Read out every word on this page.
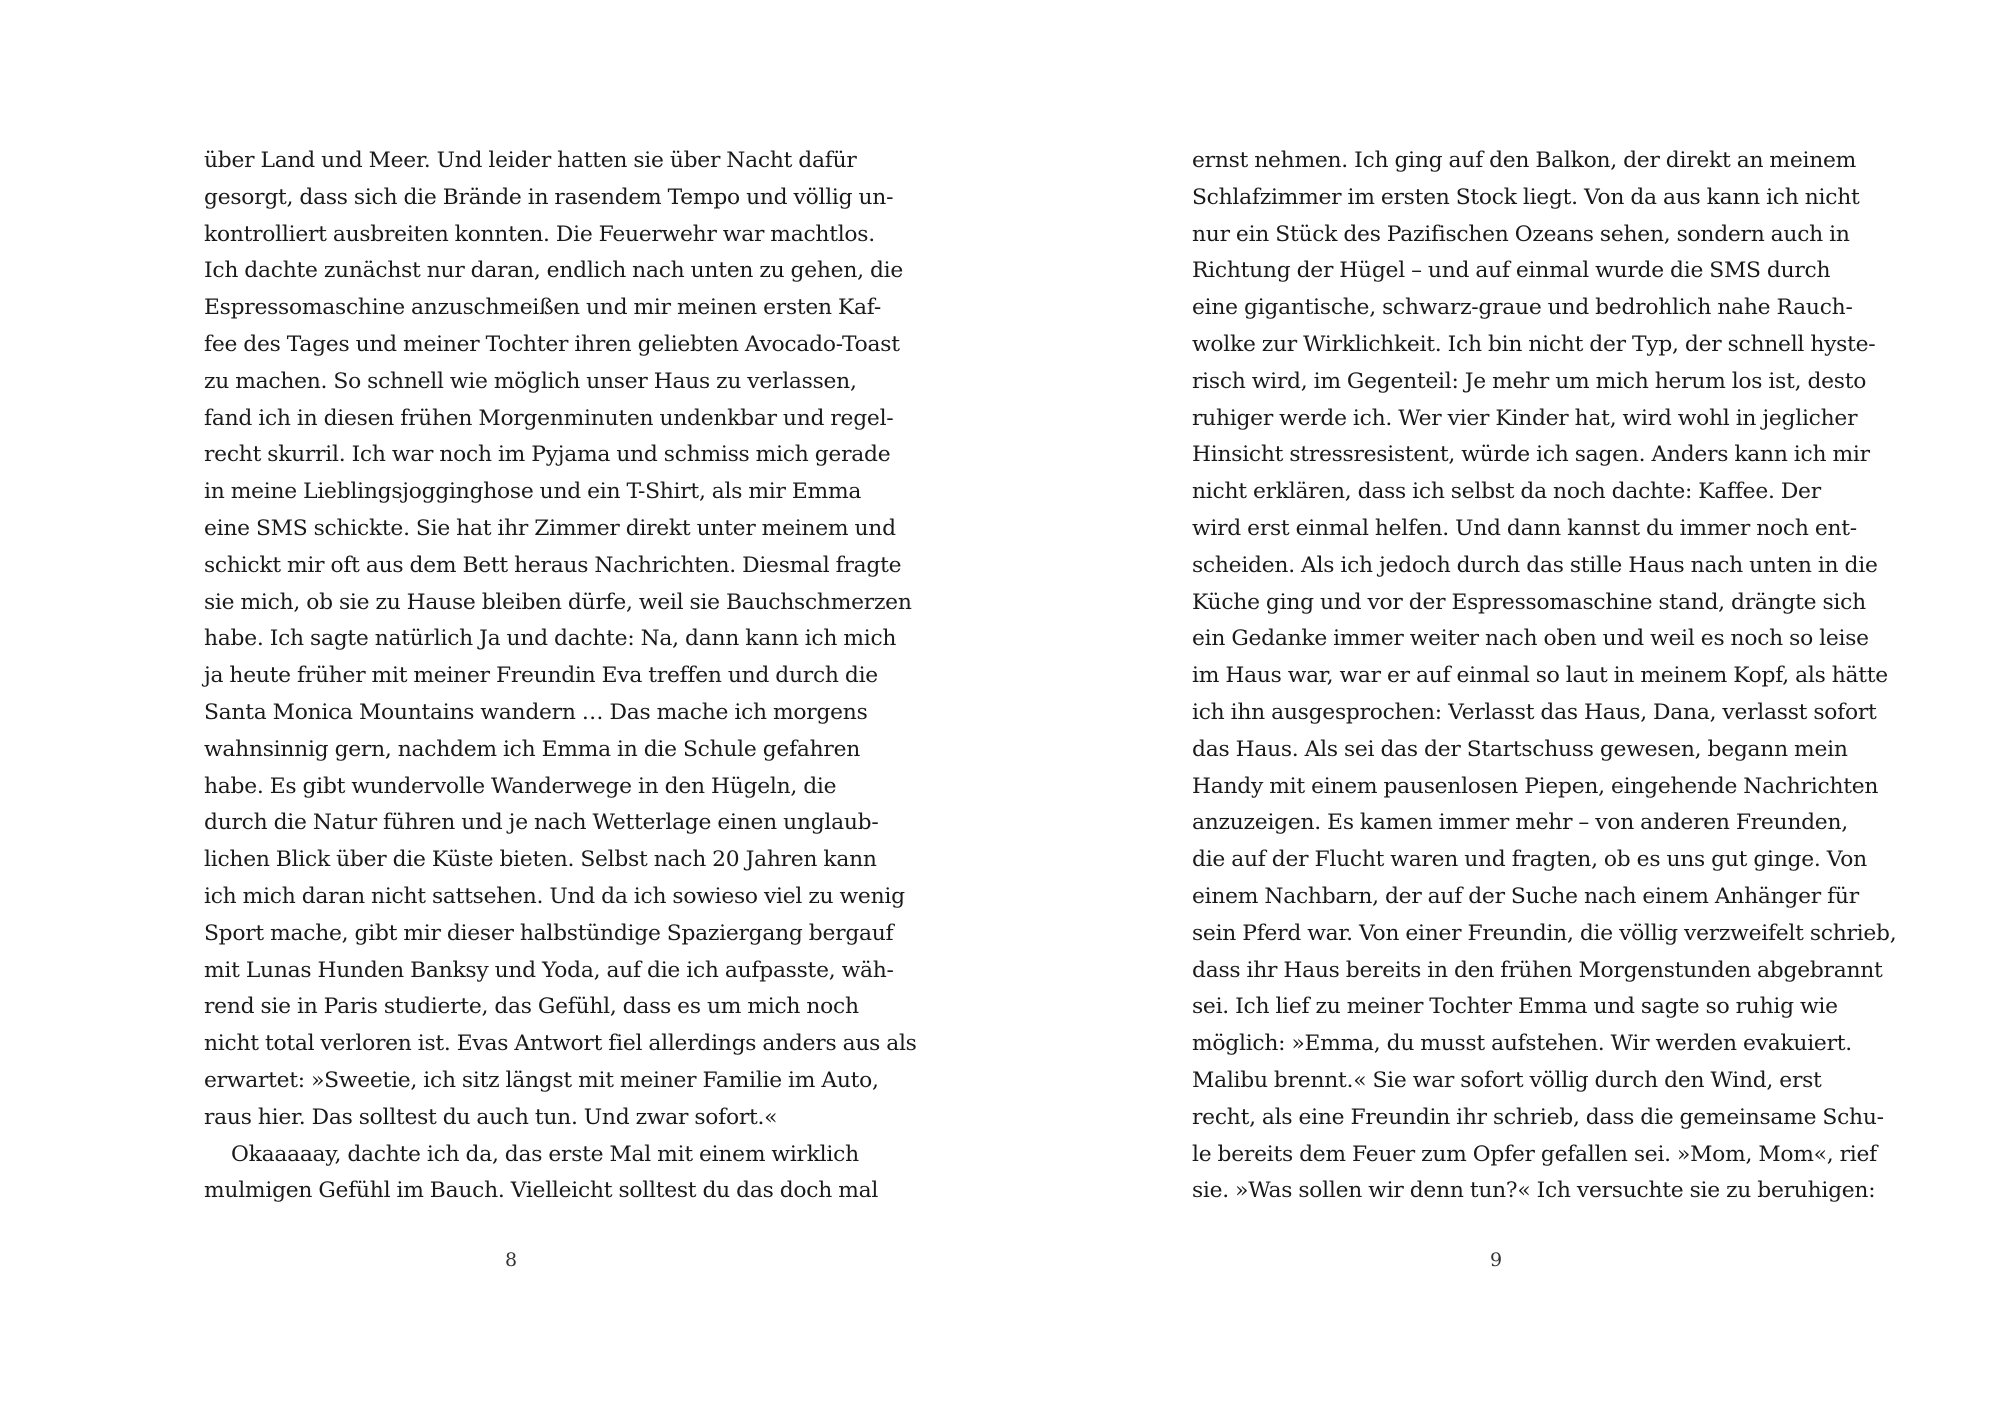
über Land und Meer. Und leider hatten sie über Nacht dafür
gesorgt, dass sich die Brände in rasendem Tempo und völlig un-
kontrolliert ausbreiten konnten. Die Feuerwehr war machtlos.
Ich dachte zunächst nur daran, endlich nach unten zu gehen, die
Espressomaschine anzuschmeißen und mir meinen ersten Kaf-
fee des Tages und meiner Tochter ihren geliebten Avocado-Toast
zu machen. So schnell wie möglich unser Haus zu verlassen,
fand ich in diesen frühen Morgenminuten undenkbar und regel-
recht skurril. Ich war noch im Pyjama und schmiss mich gerade
in meine Lieblingsjogginghose und ein T-Shirt, als mir Emma
eine SMS schickte. Sie hat ihr Zimmer direkt unter meinem und
schickt mir oft aus dem Bett heraus Nachrichten. Diesmal fragte
sie mich, ob sie zu Hause bleiben dürfe, weil sie Bauchschmerzen
habe. Ich sagte natürlich Ja und dachte: Na, dann kann ich mich
ja heute früher mit meiner Freundin Eva treffen und durch die
Santa Monica Mountains wandern … Das mache ich morgens
wahnsinnig gern, nachdem ich Emma in die Schule gefahren
habe. Es gibt wundervolle Wanderwege in den Hügeln, die
durch die Natur führen und je nach Wetterlage einen unglaub-
lichen Blick über die Küste bieten. Selbst nach 20 Jahren kann
ich mich daran nicht sattsehen. Und da ich sowieso viel zu wenig
Sport mache, gibt mir dieser halbstündige Spaziergang bergauf
mit Lunas Hunden Banksy und Yoda, auf die ich aufpasste, wäh-
rend sie in Paris studierte, das Gefühl, dass es um mich noch
nicht total verloren ist. Evas Antwort fiel allerdings anders aus als
erwartet: »Sweetie, ich sitz längst mit meiner Familie im Auto,
raus hier. Das solltest du auch tun. Und zwar sofort.«
Okaaaaay, dachte ich da, das erste Mal mit einem wirklich
mulmigen Gefühl im Bauch. Vielleicht solltest du das doch mal
8
ernst nehmen. Ich ging auf den Balkon, der direkt an meinem
Schlafzimmer im ersten Stock liegt. Von da aus kann ich nicht
nur ein Stück des Pazifischen Ozeans sehen, sondern auch in
Richtung der Hügel – und auf einmal wurde die SMS durch
eine gigantische, schwarz-graue und bedrohlich nahe Rauch-
wolke zur Wirklichkeit. Ich bin nicht der Typ, der schnell hyste-
risch wird, im Gegenteil: Je mehr um mich herum los ist, desto
ruhiger werde ich. Wer vier Kinder hat, wird wohl in jeglicher
Hinsicht stressresistent, würde ich sagen. Anders kann ich mir
nicht erklären, dass ich selbst da noch dachte: Kaffee. Der
wird erst einmal helfen. Und dann kannst du immer noch ent-
scheiden. Als ich jedoch durch das stille Haus nach unten in die
Küche ging und vor der Espressomaschine stand, drängte sich
ein Gedanke immer weiter nach oben und weil es noch so leise
im Haus war, war er auf einmal so laut in meinem Kopf, als hätte
ich ihn ausgesprochen: Verlasst das Haus, Dana, verlasst sofort
das Haus. Als sei das der Startschuss gewesen, begann mein
Handy mit einem pausenlosen Piepen, eingehende Nachrichten
anzuzeigen. Es kamen immer mehr – von anderen Freunden,
die auf der Flucht waren und fragten, ob es uns gut ginge. Von
einem Nachbarn, der auf der Suche nach einem Anhänger für
sein Pferd war. Von einer Freundin, die völlig verzweifelt schrieb,
dass ihr Haus bereits in den frühen Morgenstunden abgebrannt
sei. Ich lief zu meiner Tochter Emma und sagte so ruhig wie
möglich: »Emma, du musst aufstehen. Wir werden evakuiert.
Malibu brennt.« Sie war sofort völlig durch den Wind, erst
recht, als eine Freundin ihr schrieb, dass die gemeinsame Schu-
le bereits dem Feuer zum Opfer gefallen sei. »Mom, Mom«, rief
sie. »Was sollen wir denn tun?« Ich versuchte sie zu beruhigen:
9
